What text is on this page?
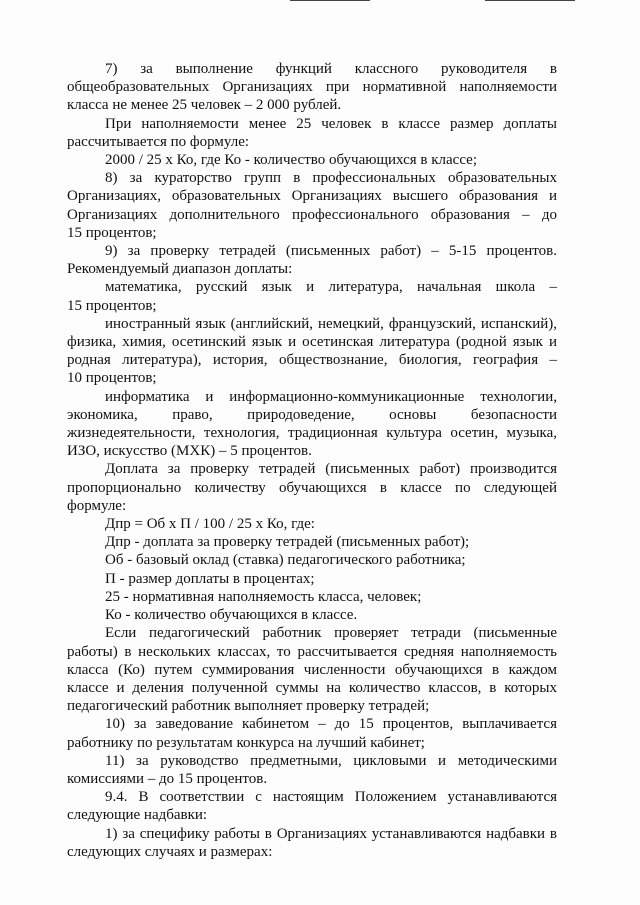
7) за выполнение функций классного руководителя в
общеобразовательных Организациях при нормативной наполняемости
класса не менее 25 человек – 2 000 рублей.
При наполняемости менее 25 человек в классе размер доплаты
рассчитывается по формуле:
2000 / 25 х Ко, где Ко - количество обучающихся в классе;
8) за кураторство групп в профессиональных образовательных
Организациях, образовательных Организациях высшего образования и
Организациях дополнительного профессионального образования – до
15 процентов;
9) за проверку тетрадей (письменных работ) – 5-15 процентов.
Рекомендуемый диапазон доплаты:
математика, русский язык и литература, начальная школа –
15 процентов;
иностранный язык (английский, немецкий, французский, испанский),
физика, химия, осетинский язык и осетинская литература (родной язык и
родная литература), история, обществознание, биология, география –
10 процентов;
информатика и информационно-коммуникационные технологии,
экономика, право, природоведение, основы безопасности
жизнедеятельности, технология, традиционная культура осетин, музыка,
ИЗО, искусство (МХК) – 5 процентов.
Доплата за проверку тетрадей (письменных работ) производится
пропорционально количеству обучающихся в классе по следующей
формуле:
Дпр = Об х П / 100 / 25 х Ко, где:
Дпр - доплата за проверку тетрадей (письменных работ);
Об - базовый оклад (ставка) педагогического работника;
П - размер доплаты в процентах;
25 - нормативная наполняемость класса, человек;
Ко - количество обучающихся в классе.
Если педагогический работник проверяет тетради (письменные
работы) в нескольких классах, то рассчитывается средняя наполняемость
класса (Ко) путем суммирования численности обучающихся в каждом
классе и деления полученной суммы на количество классов, в которых
педагогический работник выполняет проверку тетрадей;
10) за заведование кабинетом – до 15 процентов, выплачивается
работнику по результатам конкурса на лучший кабинет;
11) за руководство предметными, цикловыми и методическими
комиссиями – до 15 процентов.
9.4. В соответствии с настоящим Положением устанавливаются
следующие надбавки:
1) за специфику работы в Организациях устанавливаются надбавки в
следующих случаях и размерах:
